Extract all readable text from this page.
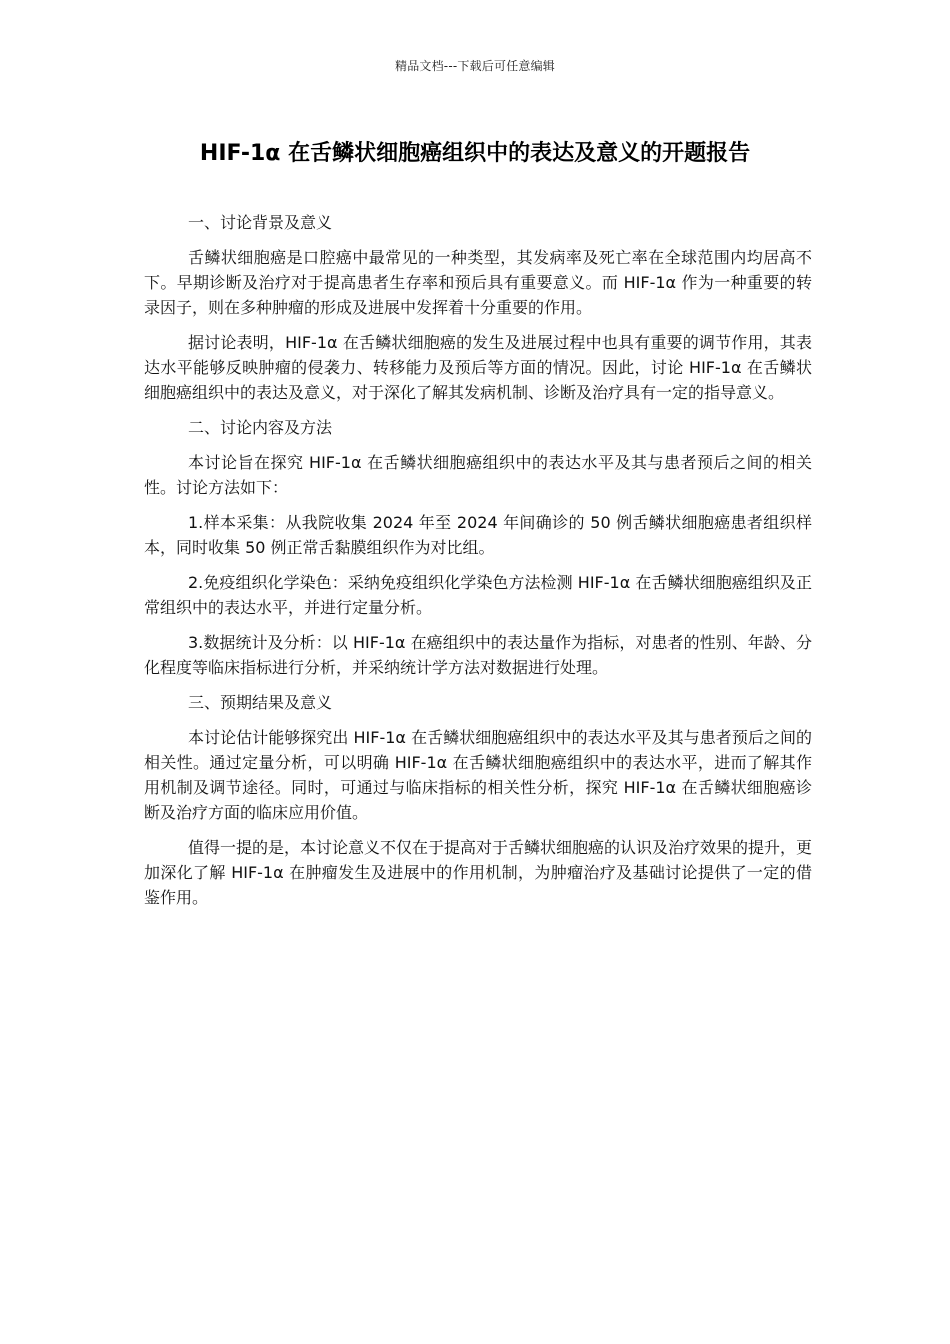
精品文档---下载后可任意编辑
HIF-1α 在舌鳞状细胞癌组织中的表达及意义的开题报告

一、讨论背景及意义

舌鳞状细胞癌是口腔癌中最常见的一种类型，其发病率及死亡率在全球范围内均居高不下。早期诊断及治疗对于提高患者生存率和预后具有重要意义。而 HIF-1α 作为一种重要的转录因子，则在多种肿瘤的形成及进展中发挥着十分重要的作用。

据讨论表明，HIF-1α 在舌鳞状细胞癌的发生及进展过程中也具有重要的调节作用，其表达水平能够反映肿瘤的侵袭力、转移能力及预后等方面的情况。因此，讨论 HIF-1α 在舌鳞状细胞癌组织中的表达及意义，对于深化了解其发病机制、诊断及治疗具有一定的指导意义。

二、讨论内容及方法

本讨论旨在探究 HIF-1α 在舌鳞状细胞癌组织中的表达水平及其与患者预后之间的相关性。讨论方法如下：

1.样本采集：从我院收集 2024 年至 2024 年间确诊的 50 例舌鳞状细胞癌患者组织样本，同时收集 50 例正常舌黏膜组织作为对比组。

2.免疫组织化学染色：采纳免疫组织化学染色方法检测 HIF-1α 在舌鳞状细胞癌组织及正常组织中的表达水平，并进行定量分析。

3.数据统计及分析：以 HIF-1α 在癌组织中的表达量作为指标，对患者的性别、年龄、分化程度等临床指标进行分析，并采纳统计学方法对数据进行处理。

三、预期结果及意义

本讨论估计能够探究出 HIF-1α 在舌鳞状细胞癌组织中的表达水平及其与患者预后之间的相关性。通过定量分析，可以明确 HIF-1α 在舌鳞状细胞癌组织中的表达水平，进而了解其作用机制及调节途径。同时，可通过与临床指标的相关性分析，探究 HIF-1α 在舌鳞状细胞癌诊断及治疗方面的临床应用价值。

值得一提的是，本讨论意义不仅在于提高对于舌鳞状细胞癌的认识及治疗效果的提升，更加深化了解 HIF-1α 在肿瘤发生及进展中的作用机制，为肿瘤治疗及基础讨论提供了一定的借鉴作用。
